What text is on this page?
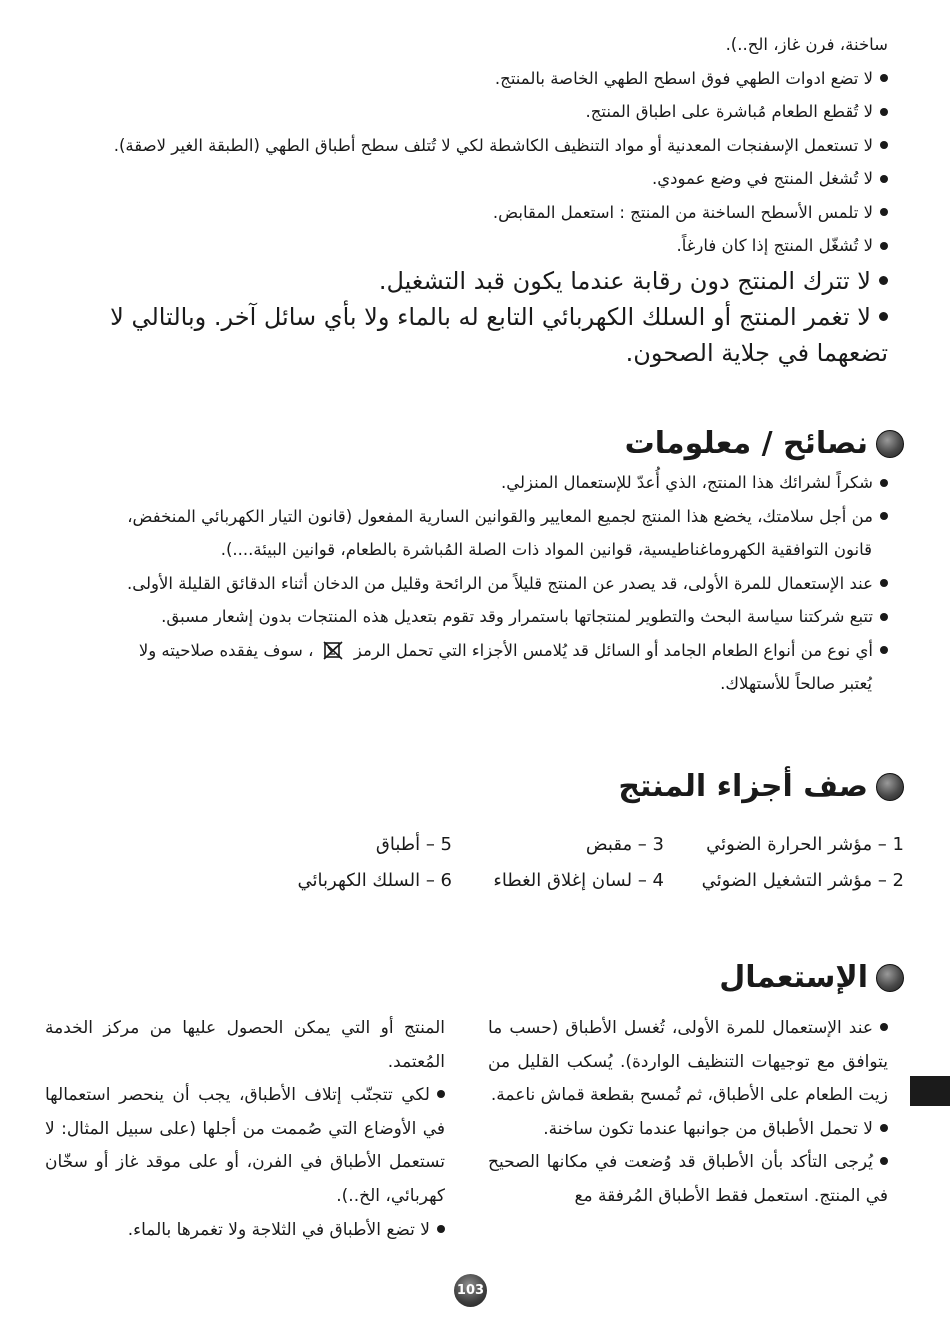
ساخنة، فرن غاز، الح..).
لا تضع ادوات الطهي فوق اسطح الطهي الخاصة بالمنتج.
لا تُقطع الطعام مُباشرة على اطباق المنتج.
لا تستعمل الإسفنجات المعدنية أو مواد التنظيف الكاشطة لكي لا تُتلف سطح أطباق الطهي (الطبقة الغير لاصقة).
لا تُشغل المنتج في وضع عمودي.
لا تلمس الأسطح الساخنة من المنتج : استعمل المقابض.
لا تُشغّل المنتج إذا كان فارغاً.
لا تترك المنتج دون رقابة عندما يكون قبد التشغيل.
لا تغمر المنتج أو السلك الكهربائي التابع له بالماء ولا بأي سائل آخر. وبالتالي لا تضعهما في جلاية الصحون.
نصائح / معلومات
شكراً لشرائك هذا المنتج، الذي أُعدّ للإستعمال المنزلي.
من أجل سلامتك، يخضع هذا المنتج لجميع المعايير والقوانين السارية المفعول (قانون التيار الكهربائي المنخفض،
قانون التوافقية الكهروماغناطيسية، قوانين المواد ذات الصلة المُباشرة بالطعام، قوانين البيئة....).
عند الإستعمال للمرة الأولى، قد يصدر عن المنتج قليلاً من الرائحة وقليل من الدخان أثناء الدقائق القليلة الأولى.
تتبع شركتنا سياسة البحث والتطوير لمنتجاتها باستمرار وقد تقوم بتعديل هذه المنتجات بدون إشعار مسبق.
أي نوع من أنواع الطعام الجامد أو السائل قد يُلامس الأجزاء التي تحمل الرمز  ، سوف يفقده صلاحيته ولا
يُعتبر صالحاً للأستهلاك.
صف أجزاء المنتج
1 – مؤشر الحرارة الضوئي
3 – مقبض
5 – أطباق
2 – مؤشر التشغيل الضوئي
4 – لسان إغلاق الغطاء
6 – السلك الكهربائي
الإستعمال
عند الإستعمال للمرة الأولى، تُغسل الأطباق (حسب ما يتوافق مع توجيهات التنظيف الواردة). يُسكب القليل من زيت الطعام على الأطباق، ثم تُمسح بقطعة قماش ناعمة.
لا تحمل الأطباق من جوانبها عندما تكون ساخنة.
يُرجى التأكد بأن الأطباق قد وُضعت في مكانها الصحيح في المنتج. استعمل فقط الأطباق المُرفقة مع
المنتج أو التي يمكن الحصول عليها من مركز الخدمة المُعتمد.
لكي تتجنّب إتلاف الأطباق، يجب أن ينحصر استعمالها في الأوضاع التي صُممت من أجلها (على سبيل المثال: لا تستعمل الأطباق في الفرن، أو على موقد غاز أو سخّان كهربائي، الخ..).
لا تضع الأطباق في الثلاجة ولا تغمرها بالماء.
103
